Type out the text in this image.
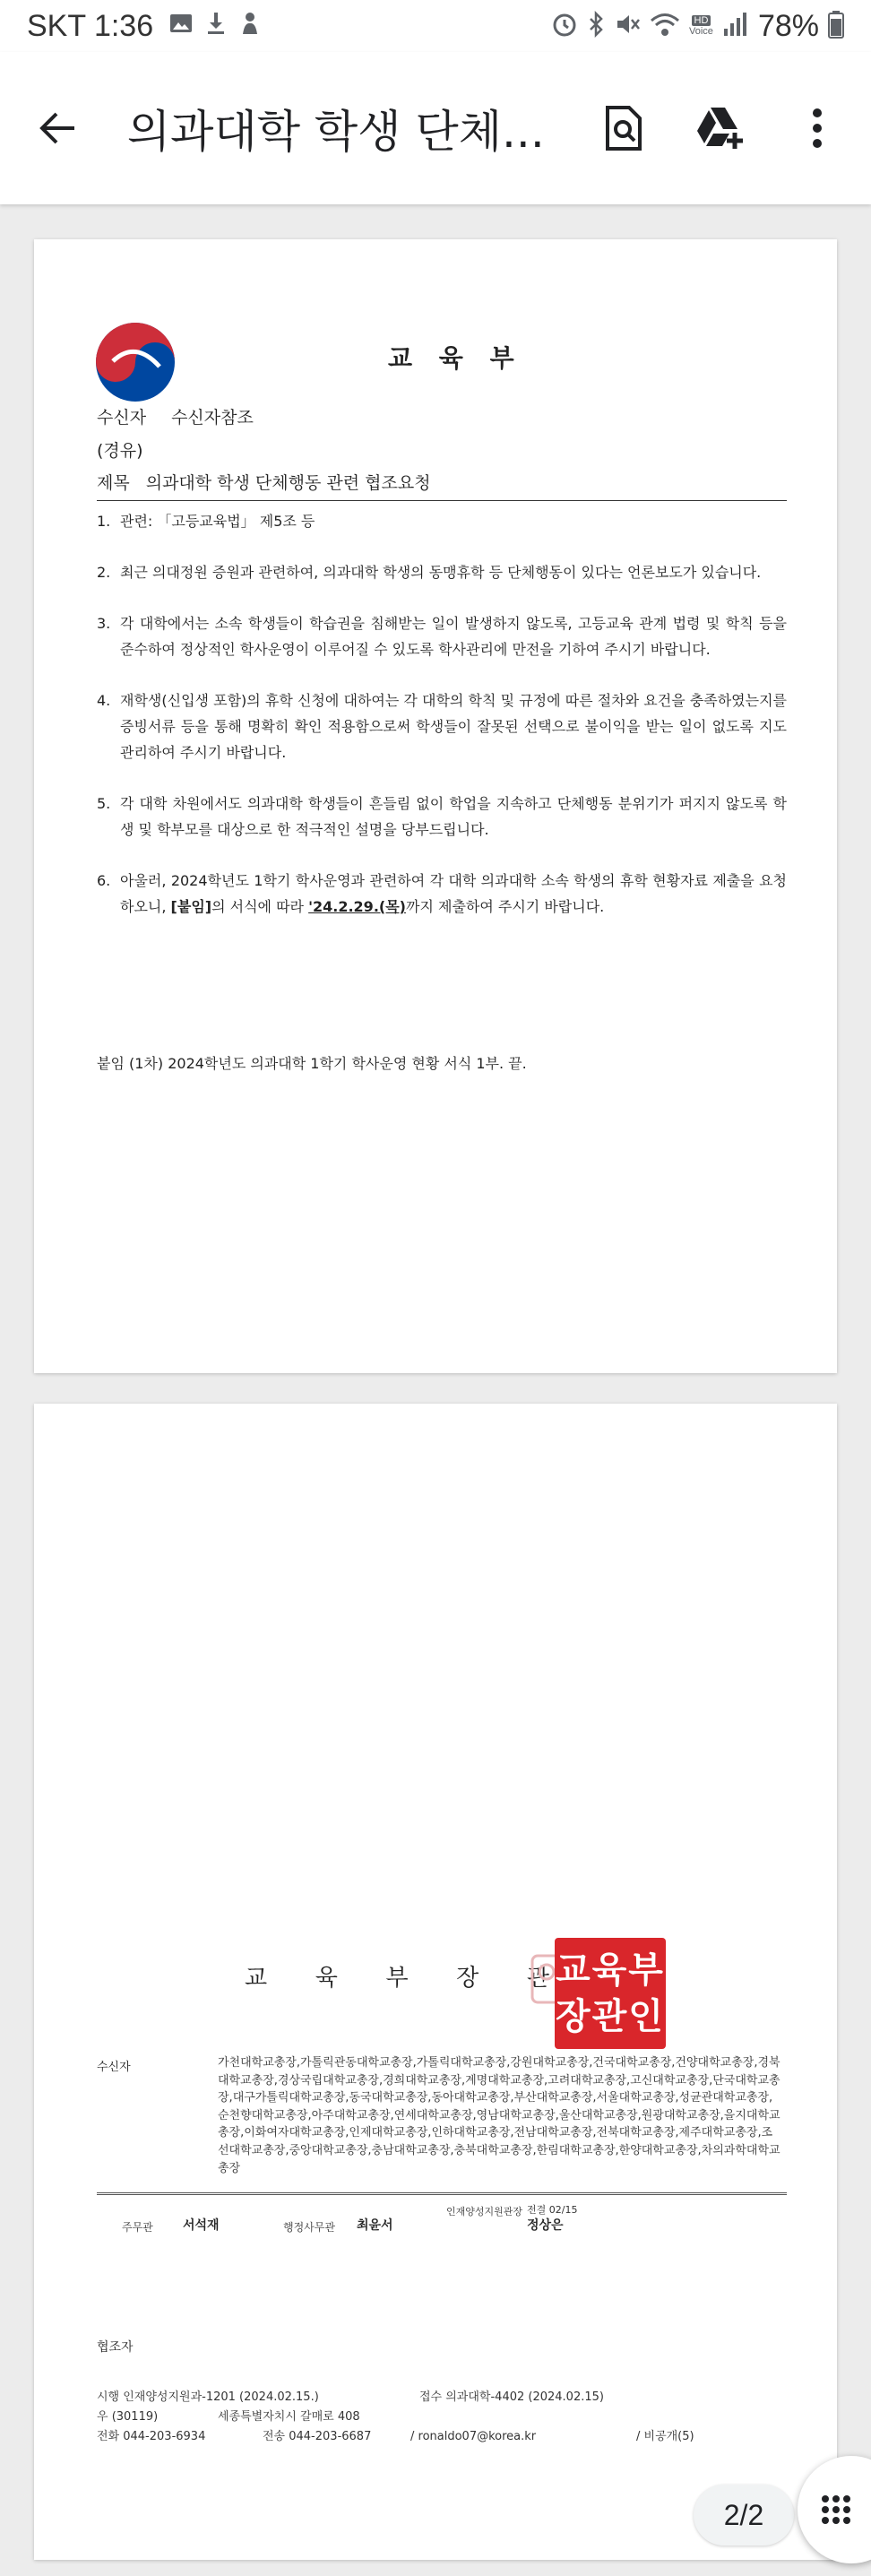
SKT 1:36	HD
Voice 78%
의과대학 학생 단체...
교 육 부
수신자 수신자참조
(경유)
제목 의과대학 학생 단체행동 관련 협조요청
1. 관련: 「고등교육법」 제5조 등
2. 최근 의대정원 증원과 관련하여, 의과대학 학생의 동맹휴학 등 단체행동이 있다는 언론보도가 있습니다.
3. 각 대학에서는 소속 학생들이 학습권을 침해받는 일이 발생하지 않도록, 고등교육 관계 법령 및 학칙 등을 준수하여 정상적인 학사운영이 이루어질 수 있도록 학사관리에 만전을 기하여 주시기 바랍니다.
4. 재학생(신입생 포함)의 휴학 신청에 대하여는 각 대학의 학칙 및 규정에 따른 절차와 요건을 충족하였는지를 증빙서류 등을 통해 명확히 확인 적용함으로써 학생들이 잘못된 선택으로 불이익을 받는 일이 없도록 지도 관리하여 주시기 바랍니다.
5. 각 대학 차원에서도 의과대학 학생들이 흔들림 없이 학업을 지속하고 단체행동 분위기가 퍼지지 않도록 학생 및 학부모를 대상으로 한 적극적인 설명을 당부드립니다.
6. 아울러, 2024학년도 1학기 학사운영과 관련하여 각 대학 의과대학 소속 학생의 휴학 현황자료 제출을 요청하오니, [붙임]의 서식에 따라 '24.2.29.(목)까지 제출하여 주시기 바랍니다.
붙임 (1차) 2024학년도 의과대학 1학기 학사운영 현황 서식 1부. 끝.
교 육 부 장 관 교육부
장관인
수신자	가천대학교총장,가톨릭관동대학교총장,가톨릭대학교총장,강원대학교총장,건국대학교총장,건양대학교총장,경북대학교총장,경상국립대학교총장,경희대학교총장,계명대학교총장,고려대학교총장,고신대학교총장,단국대학교총장,대구가톨릭대학교총장,동국대학교총장,동아대학교총장,부산대학교총장,서울대학교총장,성균관대학교총장,순천향대학교총장,아주대학교총장,연세대학교총장,영남대학교총장,울산대학교총장,원광대학교총장,을지대학교총장,이화여자대학교총장,인제대학교총장,인하대학교총장,전남대학교총장,전북대학교총장,제주대학교총장,조선대학교총장,중앙대학교총장,충남대학교총장,충북대학교총장,한림대학교총장,한양대학교총장,차의과학대학교총장
주무관 서석재	행정사무관 최윤서
인재양성지원관장 전결 02/15
정상은
협조자
시행 인재양성지원과-1201 (2024.02.15.)	접수 의과대학-4402 (2024.02.15)
우 (30119)	세종특별자치시 갈매로 408
전화 044-203-6934	전송 044-203-6687	/ ronaldo07@korea.kr	/ 비공개(5)
2/2
